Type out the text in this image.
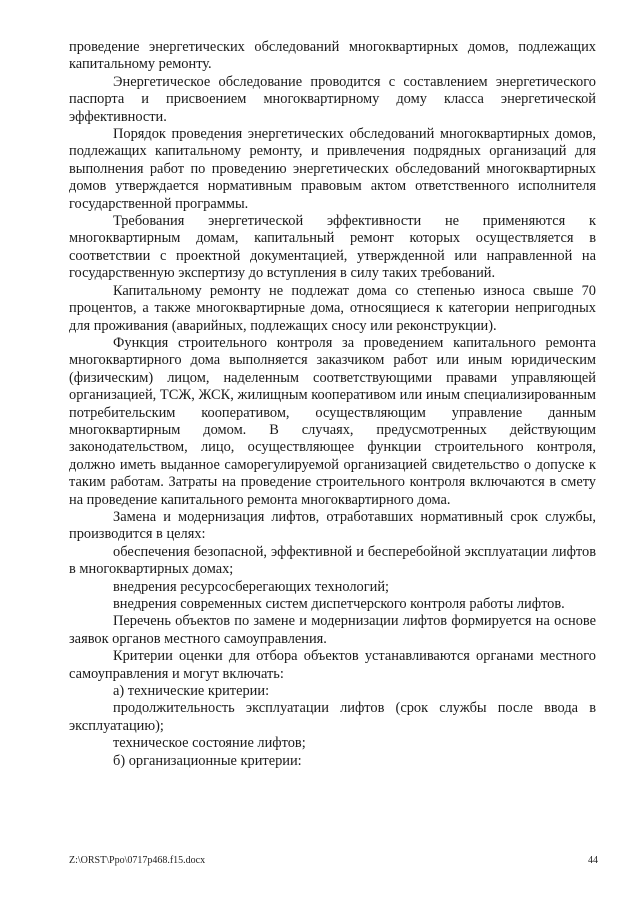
проведение энергетических обследований многоквартирных домов, подлежащих капитальному ремонту.

Энергетическое обследование проводится с составлением энергетического паспорта и присвоением многоквартирному дому класса энергетической эффективности.

Порядок проведения энергетических обследований многоквартирных домов, подлежащих капитальному ремонту, и привлечения подрядных организаций для выполнения работ по проведению энергетических обследований многоквартирных домов утверждается нормативным правовым актом ответственного исполнителя государственной программы.

Требования энергетической эффективности не применяются к многоквартирным домам, капитальный ремонт которых осуществляется в соответствии с проектной документацией, утвержденной или направленной на государственную экспертизу до вступления в силу таких требований.

Капитальному ремонту не подлежат дома со степенью износа свыше 70 процентов, а также многоквартирные дома, относящиеся к категории непригодных для проживания (аварийных, подлежащих сносу или реконструкции).

Функция строительного контроля за проведением капитального ремонта многоквартирного дома выполняется заказчиком работ или иным юридическим (физическим) лицом, наделенным соответствующими правами управляющей организацией, ТСЖ, ЖСК, жилищным кооперативом или иным специализированным потребительским кооперативом, осуществляющим управление данным многоквартирным домом. В случаях, предусмотренных действующим законодательством, лицо, осуществляющее функции строительного контроля, должно иметь выданное саморегулируемой организацией свидетельство о допуске к таким работам. Затраты на проведение строительного контроля включаются в смету на проведение капитального ремонта многоквартирного дома.

Замена и модернизация лифтов, отработавших нормативный срок службы, производится в целях:

обеспечения безопасной, эффективной и бесперебойной эксплуатации лифтов в многоквартирных домах;

внедрения ресурсосберегающих технологий;

внедрения современных систем диспетчерского контроля работы лифтов.

Перечень объектов по замене и модернизации лифтов формируется на основе заявок органов местного самоуправления.

Критерии оценки для отбора объектов устанавливаются органами местного самоуправления и могут включать:

а) технические критерии:

продолжительность эксплуатации лифтов (срок службы после ввода в эксплуатацию);

техническое состояние лифтов;

б) организационные критерии:

Z:\ORST\Ppo\0717p468.f15.docx	44
